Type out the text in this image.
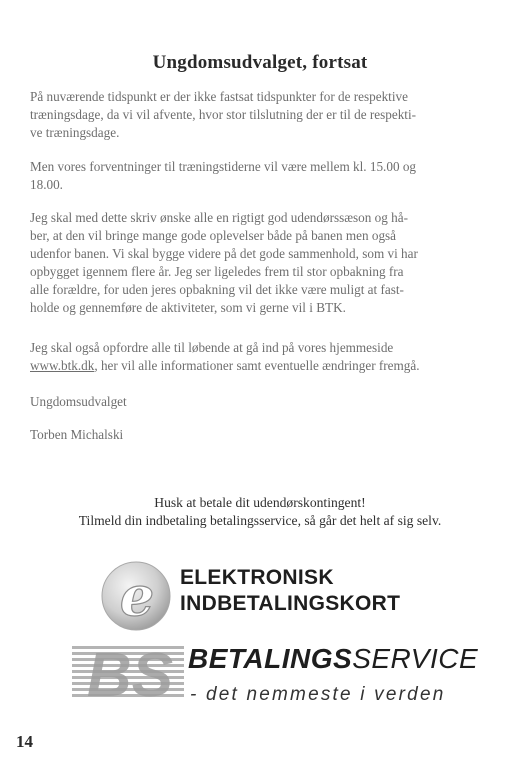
Ungdomsudvalget, fortsat

På nuværende tidspunkt er der ikke fastsat tidspunkter for de respektive
træningsdage, da vi vil afvente, hvor stor tilslutning der er til de respekti-
ve træningsdage.

Men vores forventninger til træningstiderne vil være mellem kl. 15.00 og
18.00.

Jeg skal med dette skriv ønske alle en rigtigt god udendørssæson og hå-
ber, at den vil bringe mange gode oplevelser både på banen men også
udenfor banen. Vi skal bygge videre på det gode sammenhold, som vi har
opbygget igennem flere år. Jeg ser ligeledes frem til stor opbakning fra
alle forældre, for uden jeres opbakning vil det ikke være muligt at fast-
holde og gennemføre de aktiviteter, som vi gerne vil i BTK.

Jeg skal også opfordre alle til løbende at gå ind på vores hjemmeside
www.btk.dk, her vil alle informationer samt eventuelle ændringer fremgå.

Ungdomsudvalget

Torben Michalski

Husk at betale dit udendørskontingent!
Tilmeld din indbetaling betalingsservice, så går det helt af sig selv.
e ELEKTRONISK
INDBETALINGSKORT
BS BETALINGSSERVICE
- det nemmeste i verden
14
